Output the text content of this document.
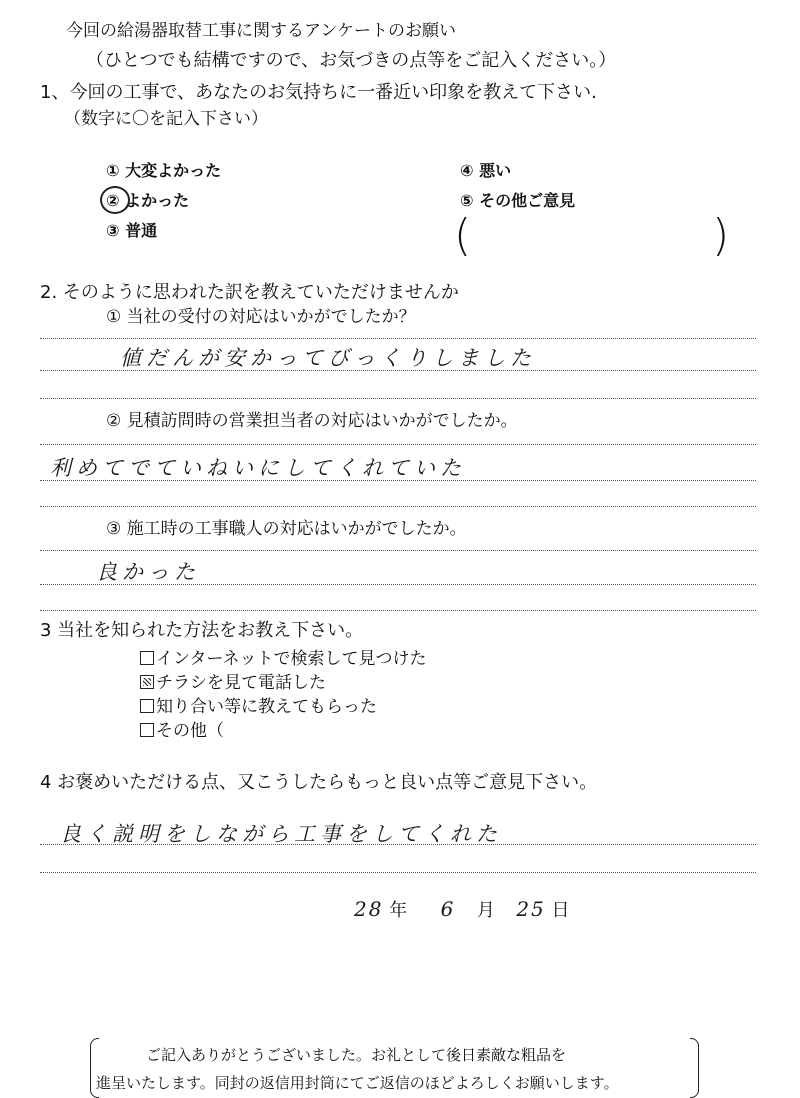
今回の給湯器取替工事に関するアンケートのお願い
（ひとつでも結構ですので、お気づきの点等をご記入ください。）
1、今回の工事で、あなたのお気持ちに一番近い印象を教えて下さい.
（数字に〇を記入下さい）
① 大変よかった
② よかった
③ 普通
④ 悪い
⑤ その他ご意見
(	)
2. そのように思われた訳を教えていただけませんか
① 当社の受付の対応はいかがでしたか？
値だんが安かってびっくりしました
② 見積訪問時の営業担当者の対応はいかがでしたか。
利めてでていねいにしてくれていた
③ 施工時の工事職人の対応はいかがでしたか。
良かった
3 当社を知られた方法をお教え下さい。
インターネットで検索して見つけた
チラシを見て電話した
知り合い等に教えてもらった
その他（
4 お褒めいただける点、又こうしたらもっと良い点等ご意見下さい。
良く説明をしながら工事をしてくれた
28 年 6 月 25 日
ご記入ありがとうございました。お礼として後日素敵な粗品を
進呈いたします。同封の返信用封筒にてご返信のほどよろしくお願いします。
